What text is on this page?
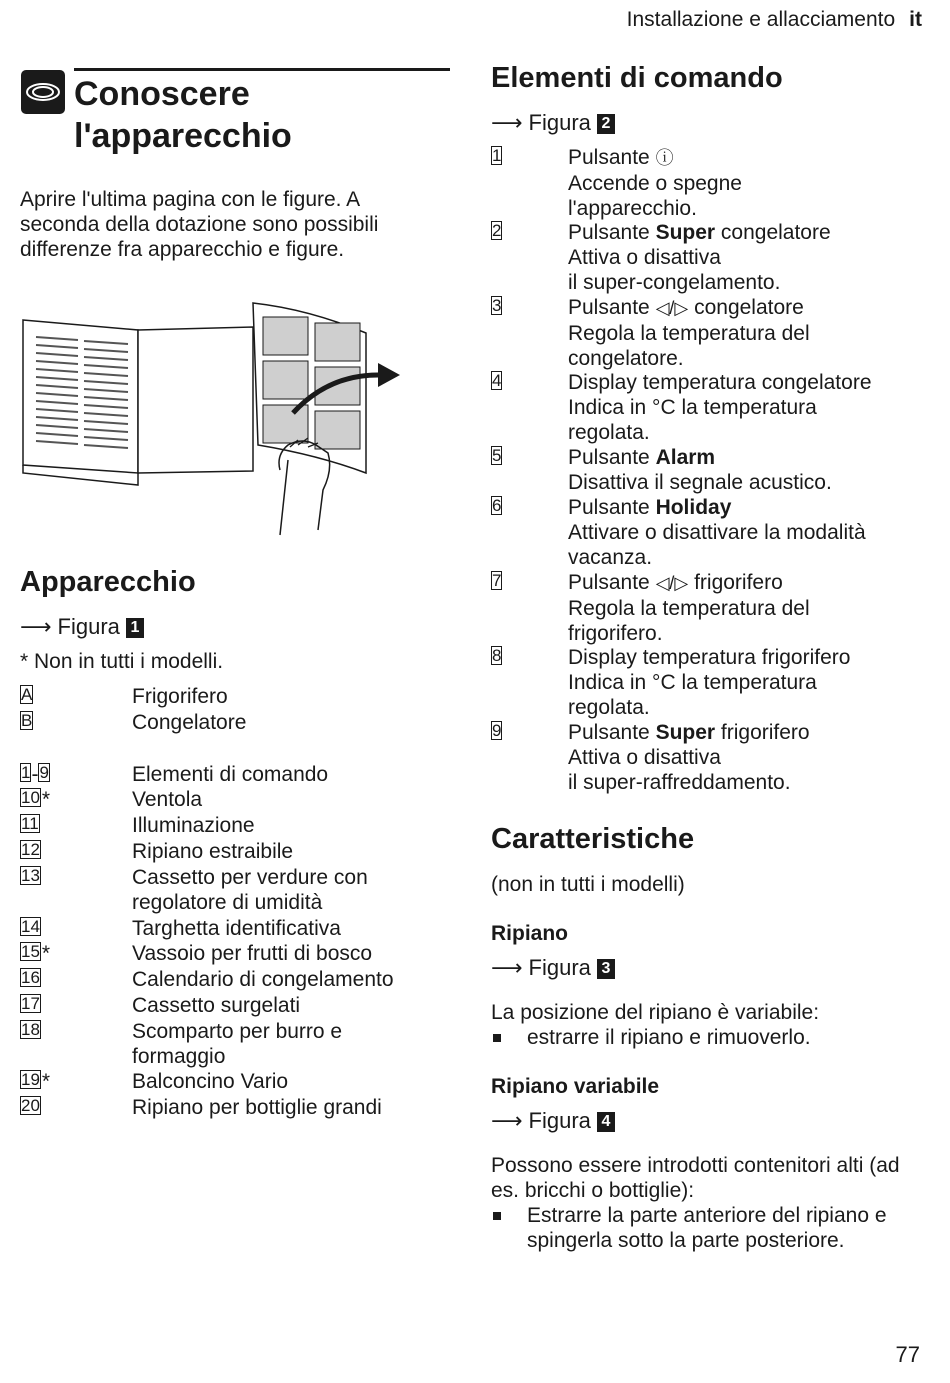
Installazione e allacciamento it
Conoscere
l'apparecchio
Aprire l'ultima pagina con le figure. A seconda della dotazione sono possibili differenze fra apparecchio e figure.
Apparecchio
⟶ Figura 1
* Non in tutti i modelli.
A	Frigorifero
B	Congelatore
1-9	Elementi di comando
10*	Ventola
11	Illuminazione
12	Ripiano estraibile
13	Cassetto per verdure con regolatore di umidità
14	Targhetta identificativa
15*	Vassoio per frutti di bosco
16	Calendario di congelamento
17	Cassetto surgelati
18	Scomparto per burro e formaggio
19*	Balconcino Vario
20	Ripiano per bottiglie grandi
Elementi di comando
⟶ Figura 2
1	Pulsante ⓘ
Accende o spegne
l'apparecchio.
2	Pulsante Super congelatore
Attiva o disattiva
il super-congelamento.
3	Pulsante ◁/▷ congelatore
Regola la temperatura del
congelatore.
4	Display temperatura congelatore
Indica in °C la temperatura
regolata.
5	Pulsante Alarm
Disattiva il segnale acustico.
6	Pulsante Holiday
Attivare o disattivare la modalità
vacanza.
7	Pulsante ◁/▷ frigorifero
Regola la temperatura del
frigorifero.
8	Display temperatura frigorifero
Indica in °C la temperatura
regolata.
9	Pulsante Super frigorifero
Attiva o disattiva
il super-raffreddamento.
Caratteristiche
(non in tutti i modelli)
Ripiano
⟶ Figura 3
La posizione del ripiano è variabile:
estrarre il ripiano e rimuoverlo.
Ripiano variabile
⟶ Figura 4
Possono essere introdotti contenitori alti (ad es. bricchi o bottiglie):
Estrarre la parte anteriore del ripiano e spingerla sotto la parte posteriore.
77
